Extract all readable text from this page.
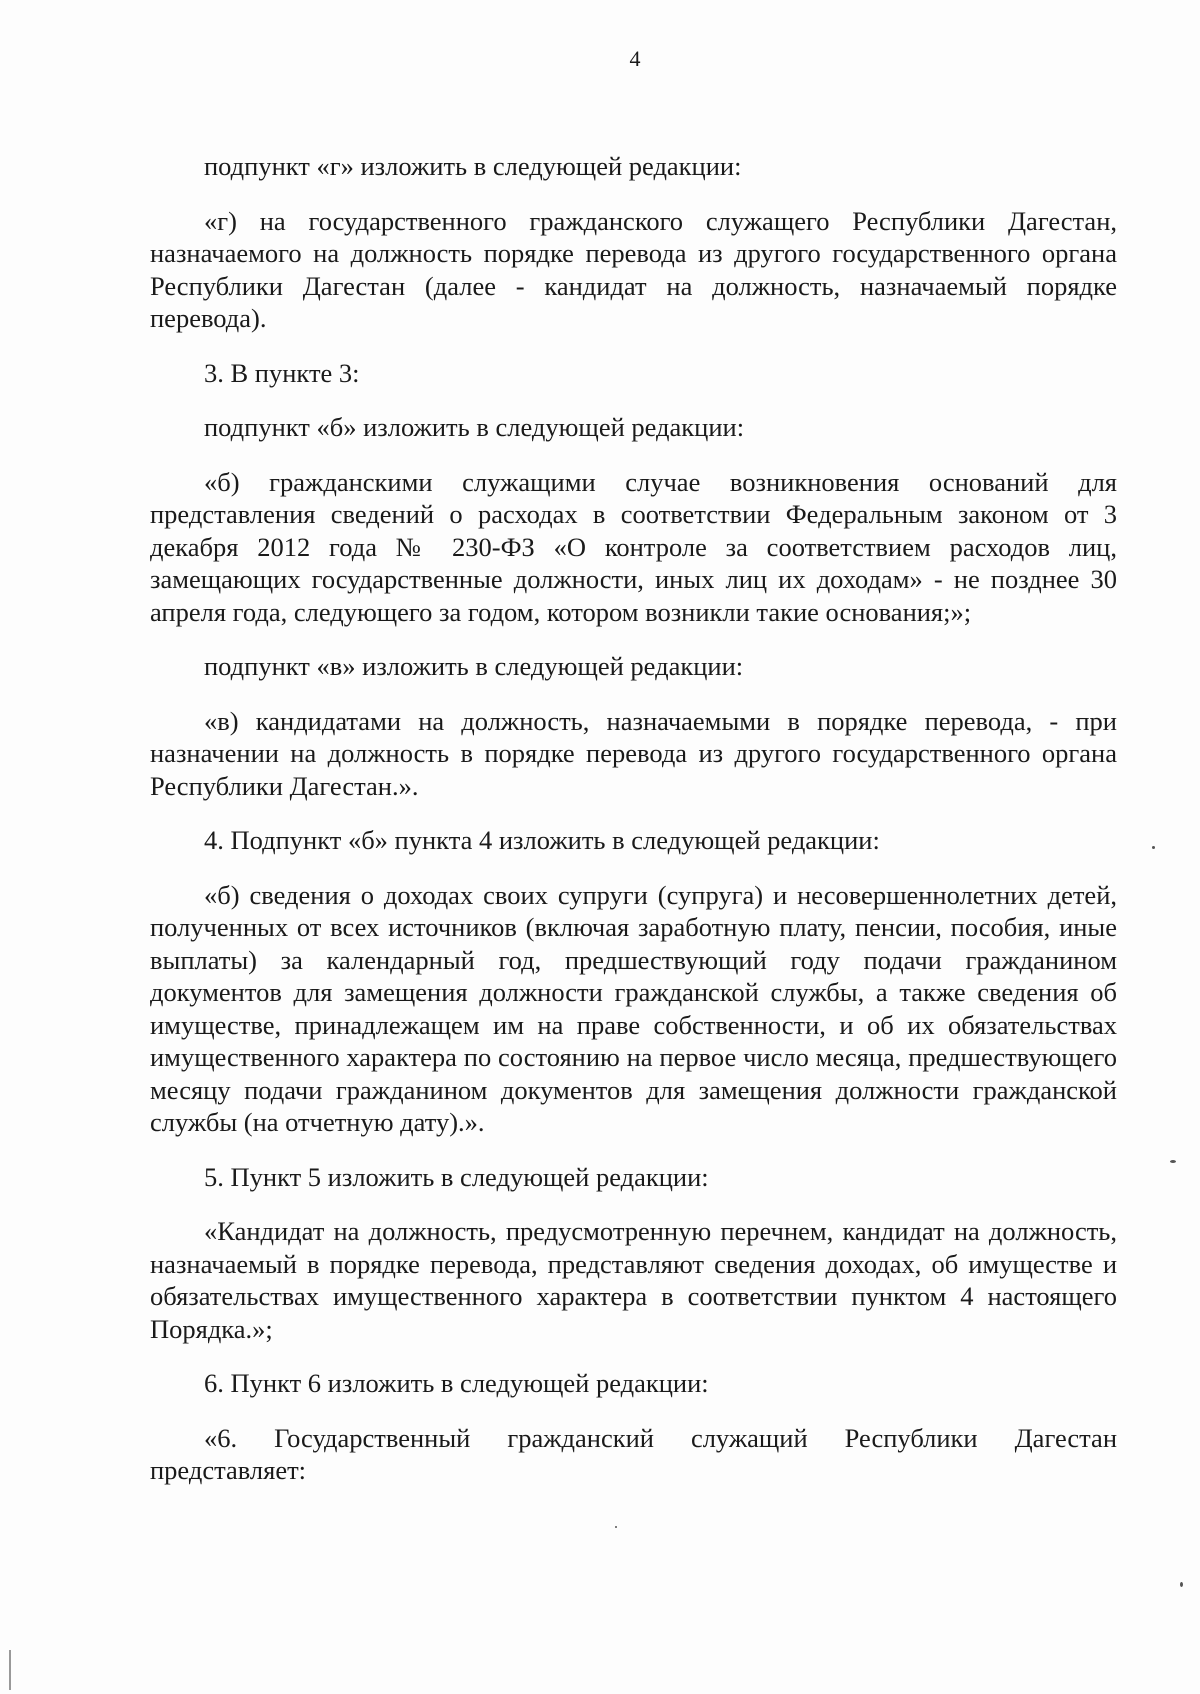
4

подпункт «г» изложить в следующей редакции:

«г) на государственного гражданского служащего Республики Дагестан, назначаемого на должность порядке перевода из другого государственного органа Республики Дагестан (далее - кандидат на должность, назначаемый порядке перевода).

3. В пункте 3:

подпункт «б» изложить в следующей редакции:

«б) гражданскими служащими случае возникновения оснований для представления сведений о расходах в соответствии Федеральным законом от 3 декабря 2012 года № 230-ФЗ «О контроле за соответствием расходов лиц, замещающих государственные должности, иных лиц их доходам» - не позднее 30 апреля года, следующего за годом, котором возникли такие основания;»;

подпункт «в» изложить в следующей редакции:

«в) кандидатами на должность, назначаемыми в порядке перевода, - при назначении на должность в порядке перевода из другого государственного органа Республики Дагестан.».

4. Подпункт «б» пункта 4 изложить в следующей редакции:

«б) сведения о доходах своих супруги (супруга) и несовершеннолетних детей, полученных от всех источников (включая заработную плату, пенсии, пособия, иные выплаты) за календарный год, предшествующий году подачи гражданином документов для замещения должности гражданской службы, а также сведения об имуществе, принадлежащем им на праве собственности, и об их обязательствах имущественного характера по состоянию на первое число месяца, предшествующего месяцу подачи гражданином документов для замещения должности гражданской службы (на отчетную дату).».

5. Пункт 5 изложить в следующей редакции:

«Кандидат на должность, предусмотренную перечнем, кандидат на должность, назначаемый в порядке перевода, представляют сведения доходах, об имуществе и обязательствах имущественного характера в соответствии пунктом 4 настоящего Порядка.»;

6. Пункт 6 изложить в следующей редакции:

«6. Государственный гражданский служащий Республики Дагестан представляет:
